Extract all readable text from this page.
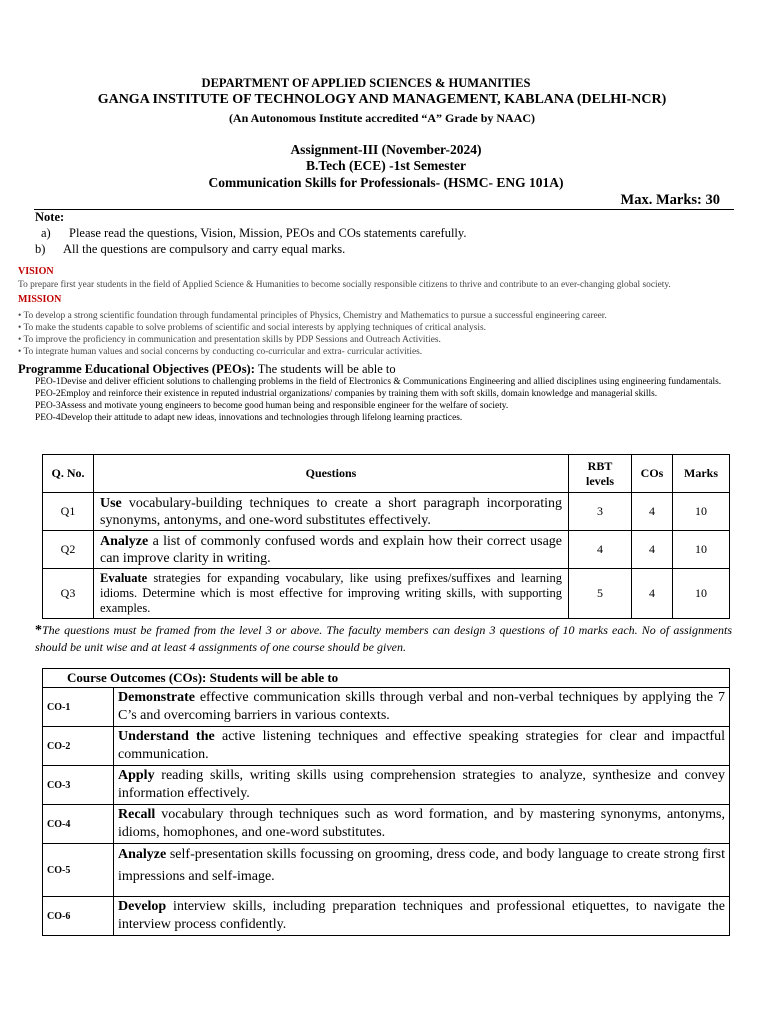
DEPARTMENT OF APPLIED SCIENCES & HUMANITIES
GANGA INSTITUTE OF TECHNOLOGY AND MANAGEMENT, KABLANA (DELHI-NCR)
(An Autonomous Institute accredited “A” Grade by NAAC)
Assignment-III (November-2024)
B.Tech (ECE) -1st Semester
Communication Skills for Professionals- (HSMC- ENG 101A)
Max. Marks: 30
Note:
a) Please read the questions, Vision, Mission, PEOs and COs statements carefully.
b) All the questions are compulsory and carry equal marks.
VISION
To prepare first year students in the field of Applied Science & Humanities to become socially responsible citizens to thrive and contribute to an ever-changing global society.
MISSION
• To develop a strong scientific foundation through fundamental principles of Physics, Chemistry and Mathematics to pursue a successful engineering career.
• To make the students capable to solve problems of scientific and social interests by applying techniques of critical analysis.
• To improve the proficiency in communication and presentation skills by PDP Sessions and Outreach Activities.
• To integrate human values and social concerns by conducting co-curricular and extra- curricular activities.
Programme Educational Objectives (PEOs): The students will be able to
PEO-1Devise and deliver efficient solutions to challenging problems in the field of Electronics & Communications Engineering and allied disciplines using engineering fundamentals.
PEO-2Employ and reinforce their existence in reputed industrial organizations/ companies by training them with soft skills, domain knowledge and managerial skills.
PEO-3Assess and motivate young engineers to become good human being and responsible engineer for the welfare of society.
PEO-4Develop their attitude to adapt new ideas, innovations and technologies through lifelong learning practices.
Q. No.	Questions	RBT levels	COs	Marks
Q1	Use vocabulary-building techniques to create a short paragraph incorporating synonyms, antonyms, and one-word substitutes effectively.	3	4	10
Q2	Analyze a list of commonly confused words and explain how their correct usage can improve clarity in writing.	4	4	10
Q3	Evaluate strategies for expanding vocabulary, like using prefixes/suffixes and learning idioms. Determine which is most effective for improving writing skills, with supporting examples.	5	4	10
*The questions must be framed from the level 3 or above. The faculty members can design 3 questions of 10 marks each. No of assignments should be unit wise and at least 4 assignments of one course should be given.
Course Outcomes (COs): Students will be able to	
CO-1	Demonstrate effective communication skills through verbal and non-verbal techniques by applying the 7 C’s and overcoming barriers in various contexts.
CO-2	Understand the active listening techniques and effective speaking strategies for clear and impactful communication.
CO-3	Apply reading skills, writing skills using comprehension strategies to analyze, synthesize and convey information effectively.
CO-4	Recall vocabulary through techniques such as word formation, and by mastering synonyms, antonyms, idioms, homophones, and one-word substitutes.
CO-5	Analyze self-presentation skills focussing on grooming, dress code, and body language to create strong first impressions and self-image.
CO-6	Develop interview skills, including preparation techniques and professional etiquettes, to navigate the interview process confidently.
